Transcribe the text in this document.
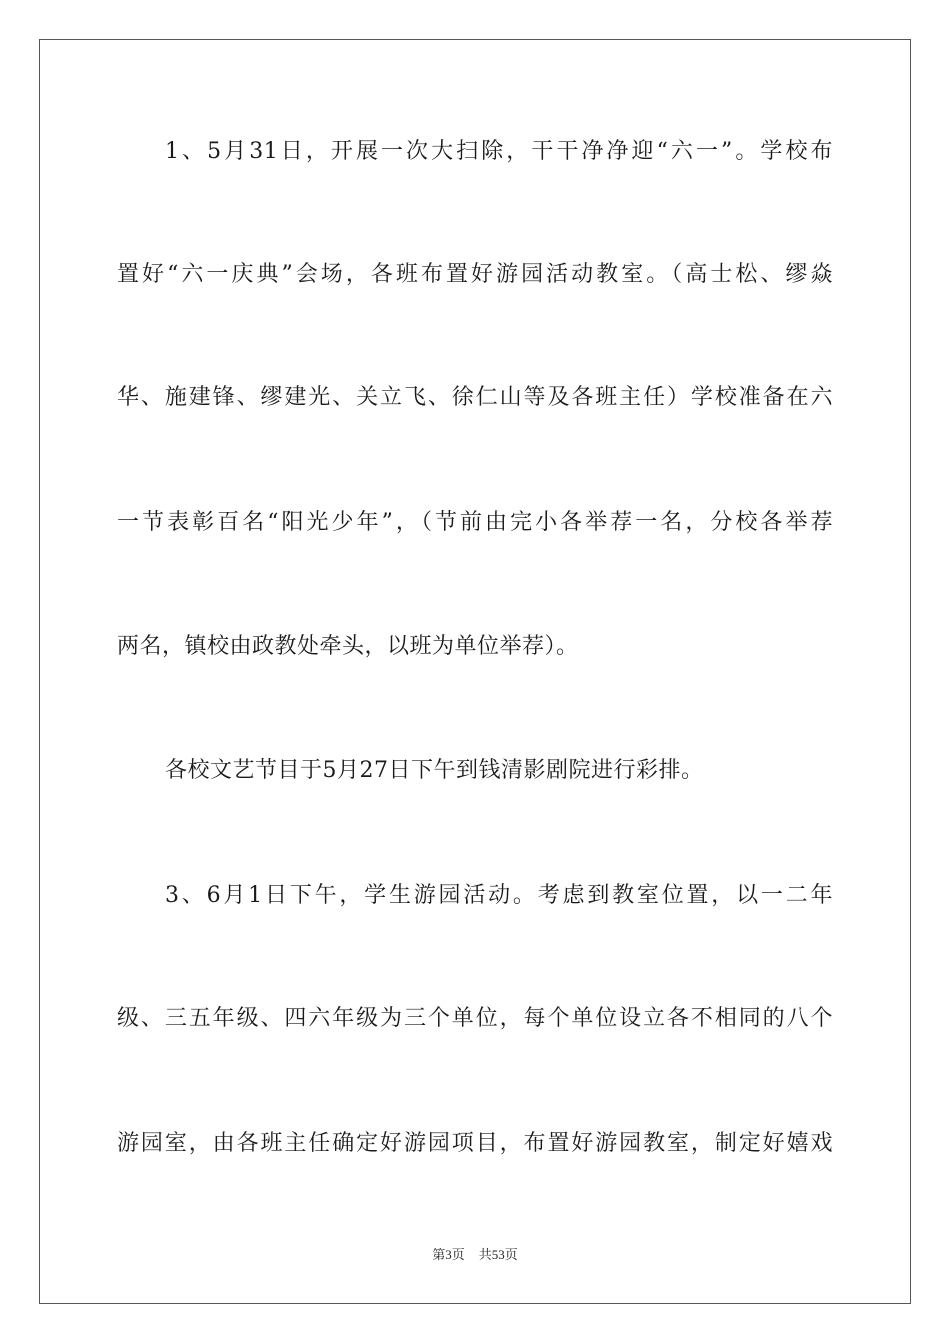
1、5月31日，开展一次大扫除，干干净净迎“六一”。学校布
置好“六一庆典”会场，各班布置好游园活动教室。（高士松、缪焱
华、施建锋、缪建光、关立飞、徐仁山等及各班主任）学校准备在六
一节表彰百名“阳光少年”，（节前由完小各举荐一名，分校各举荐
两名，镇校由政教处牵头，以班为单位举荐）。
各校文艺节目于5月27日下午到钱清影剧院进行彩排。
3、6月1日下午，学生游园活动。考虑到教室位置，以一二年
级、三五年级、四六年级为三个单位，每个单位设立各不相同的八个
游园室，由各班主任确定好游园项目，布置好游园教室，制定好嬉戏
第3页 共53页
